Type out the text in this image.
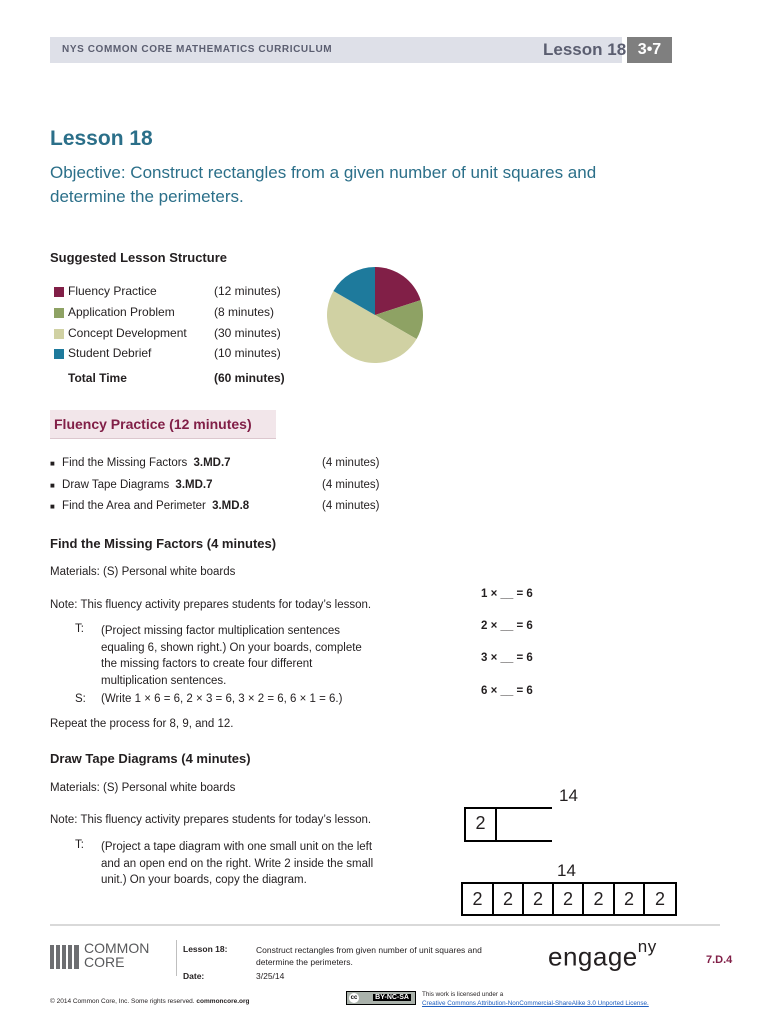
NYS COMMON CORE MATHEMATICS CURRICULUM	Lesson 18 3•7
Lesson 18
Objective: Construct rectangles from a given number of unit squares and
determine the perimeters.
Suggested Lesson Structure
Fluency Practice	(12 minutes)
Application Problem	(8 minutes)
Concept Development (30 minutes)
Student Debrief	(10 minutes)
Total Time	(60 minutes)
Fluency Practice (12 minutes)
■ Find the Missing Factors 3.MD.7	(4 minutes)
■ Draw Tape Diagrams 3.MD.7	(4 minutes)
■ Find the Area and Perimeter 3.MD.8	(4 minutes)
Find the Missing Factors (4 minutes)
Materials: (S) Personal white boards
Note: This fluency activity prepares students for today’s lesson.
T: (Project missing factor multiplication sentences
equaling 6, shown right.) On your boards, complete
the missing factors to create four different
multiplication sentences.
S: (Write 1 × 6 = 6, 2 × 3 = 6, 3 × 2 = 6, 6 × 1 = 6.)
Repeat the process for 8, 9, and 12.
1 × __ = 6
2 × __ = 6
3 × __ = 6
6 × __ = 6
Draw Tape Diagrams (4 minutes)
Materials: (S) Personal white boards
Note: This fluency activity prepares students for today’s lesson.
T: (Project a tape diagram with one small unit on the left
and an open end on the right. Write 2 inside the small
unit.) On your boards, copy the diagram.
14
2
14
2	2	2	2	2	2	2
COMMON
CORE
Lesson 18:	Construct rectangles from given number of unit squares and
determine the perimeters.
Date:	3/25/14
engage$^{ny}$
7.D.4
© 2014 Common Core, Inc. Some rights reserved. commoncore.org	cc	BY-NC-SA	This work is licensed under a
Creative Commons Attribution-NonCommercial-ShareAlike 3.0 Unported License.
